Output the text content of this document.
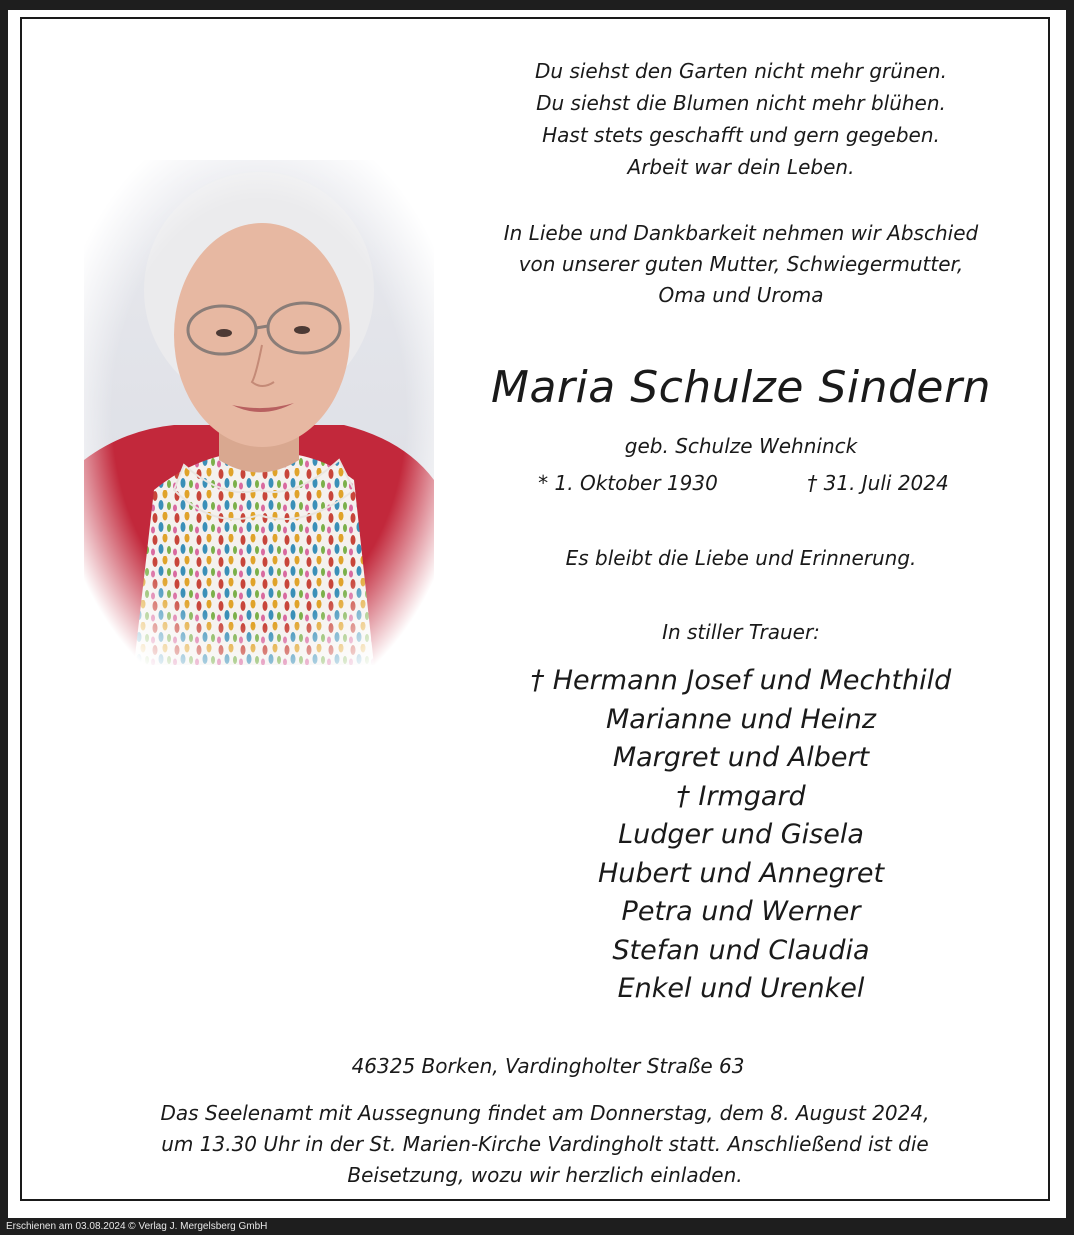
Du siehst den Garten nicht mehr grünen.
Du siehst die Blumen nicht mehr blühen.
Hast stets geschafft und gern gegeben.
Arbeit war dein Leben.
In Liebe und Dankbarkeit nehmen wir Abschied
von unserer guten Mutter, Schwiegermutter,
Oma und Uroma
Maria Schulze Sindern
geb. Schulze Wehninck
* 1. Oktober 1930	† 31. Juli 2024
Es bleibt die Liebe und Erinnerung.
In stiller Trauer:
† Hermann Josef und Mechthild
Marianne und Heinz
Margret und Albert
† Irmgard
Ludger und Gisela
Hubert und Annegret
Petra und Werner
Stefan und Claudia
Enkel und Urenkel
46325 Borken, Vardingholter Straße 63
Das Seelenamt mit Aussegnung findet am Donnerstag, dem 8. August 2024,
um 13.30 Uhr in der St. Marien-Kirche Vardingholt statt. Anschließend ist die
Beisetzung, wozu wir herzlich einladen.
Erschienen am 03.08.2024 © Verlag J. Mergelsberg GmbH
